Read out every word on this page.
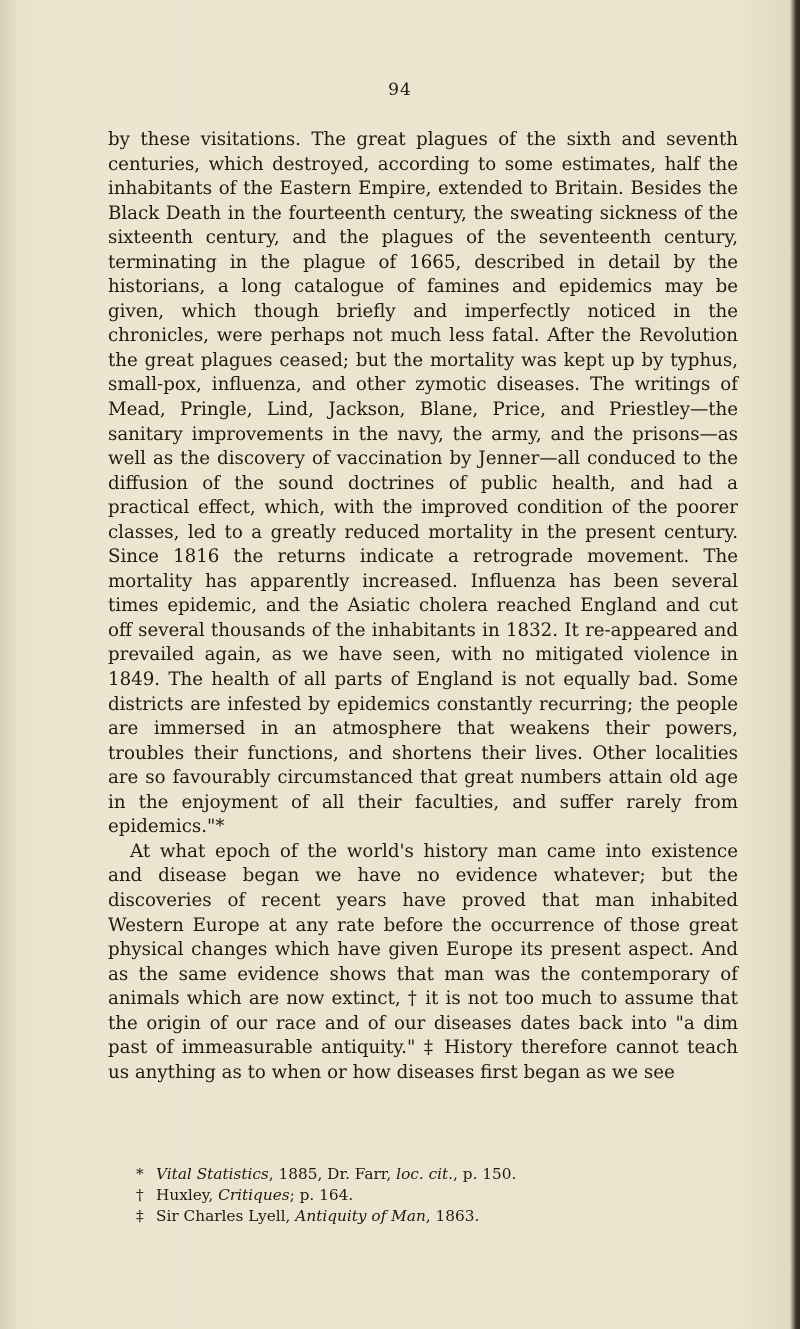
94

by these visitations. The great plagues of the sixth and seventh centuries, which destroyed, according to some estimates, half the inhabitants of the Eastern Empire, extended to Britain. Besides the Black Death in the fourteenth century, the sweating sickness of the sixteenth century, and the plagues of the seventeenth century, terminating in the plague of 1665, described in detail by the historians, a long catalogue of famines and epidemics may be given, which though briefly and imperfectly noticed in the chronicles, were perhaps not much less fatal. After the Revolution the great plagues ceased; but the mortality was kept up by typhus, small-pox, influenza, and other zymotic diseases. The writings of Mead, Pringle, Lind, Jackson, Blane, Price, and Priestley—the sanitary improvements in the navy, the army, and the prisons—as well as the discovery of vaccination by Jenner—all conduced to the diffusion of the sound doctrines of public health, and had a practical effect, which, with the improved condition of the poorer classes, led to a greatly reduced mortality in the present century. Since 1816 the returns indicate a retrograde movement. The mortality has apparently increased. Influenza has been several times epidemic, and the Asiatic cholera reached England and cut off several thousands of the inhabitants in 1832. It re-appeared and prevailed again, as we have seen, with no mitigated violence in 1849. The health of all parts of England is not equally bad. Some districts are infested by epidemics constantly recurring; the people are immersed in an atmosphere that weakens their powers, troubles their functions, and shortens their lives. Other localities are so favourably circumstanced that great numbers attain old age in the enjoyment of all their faculties, and suffer rarely from epidemics."*

At what epoch of the world's history man came into existence and disease began we have no evidence whatever; but the discoveries of recent years have proved that man inhabited Western Europe at any rate before the occurrence of those great physical changes which have given Europe its present aspect. And as the same evidence shows that man was the contemporary of animals which are now extinct, † it is not too much to assume that the origin of our race and of our diseases dates back into "a dim past of immeasurable antiquity." ‡ History therefore cannot teach us anything as to when or how diseases first began as we see

* Vital Statistics, 1885, Dr. Farr, loc. cit., p. 150.

† Huxley, Critiques; p. 164.

‡ Sir Charles Lyell, Antiquity of Man, 1863.
